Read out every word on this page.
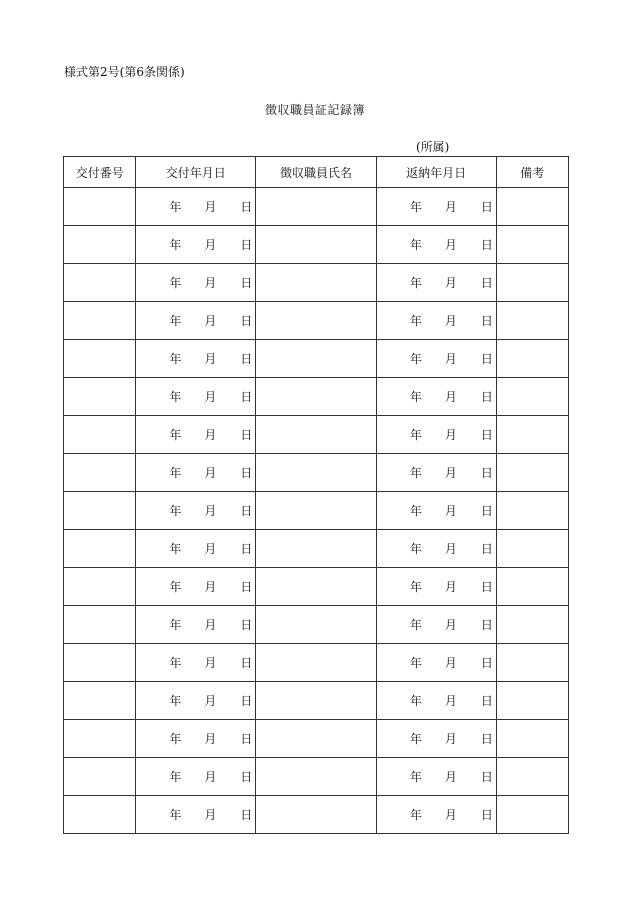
様式第2号(第6条関係)
徴収職員証記録簿
(所属)
交付番号	交付年月日	徴収職員氏名	返納年月日	備考

	年 月 日		年 月 日	

	年 月 日		年 月 日	

	年 月 日		年 月 日	

	年 月 日		年 月 日	

	年 月 日		年 月 日	

	年 月 日		年 月 日	

	年 月 日		年 月 日	

	年 月 日		年 月 日	

	年 月 日		年 月 日	

	年 月 日		年 月 日	

	年 月 日		年 月 日	

	年 月 日		年 月 日	

	年 月 日		年 月 日	

	年 月 日		年 月 日	

	年 月 日		年 月 日	

	年 月 日		年 月 日	

	年 月 日		年 月 日	
